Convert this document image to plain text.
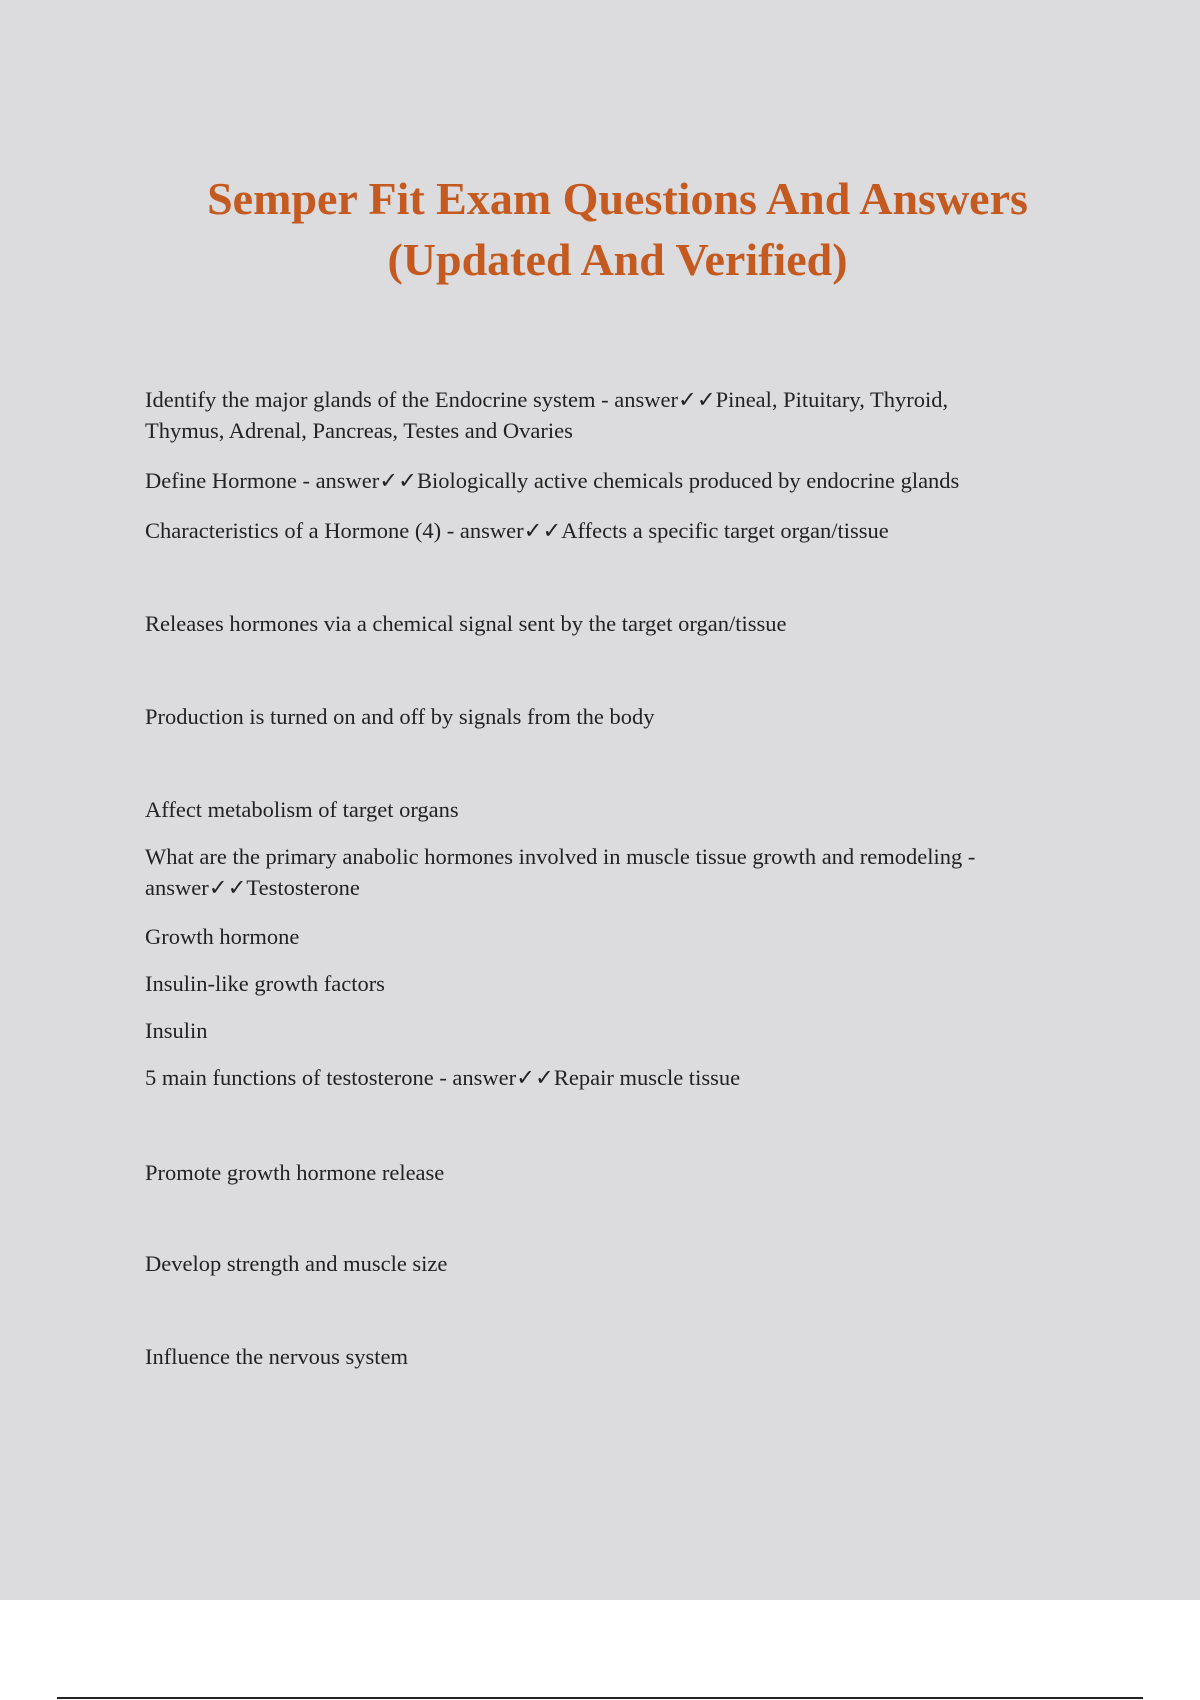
Semper Fit Exam Questions And Answers
(Updated And Verified)

Identify the major glands of the Endocrine system - answer✓✓Pineal, Pituitary, Thyroid,
Thymus, Adrenal, Pancreas, Testes and Ovaries

Define Hormone - answer✓✓Biologically active chemicals produced by endocrine glands

Characteristics of a Hormone (4) - answer✓✓Affects a specific target organ/tissue

Releases hormones via a chemical signal sent by the target organ/tissue

Production is turned on and off by signals from the body

Affect metabolism of target organs

What are the primary anabolic hormones involved in muscle tissue growth and remodeling -
answer✓✓Testosterone

Growth hormone

Insulin-like growth factors

Insulin

5 main functions of testosterone - answer✓✓Repair muscle tissue

Promote growth hormone release

Develop strength and muscle size

Influence the nervous system
